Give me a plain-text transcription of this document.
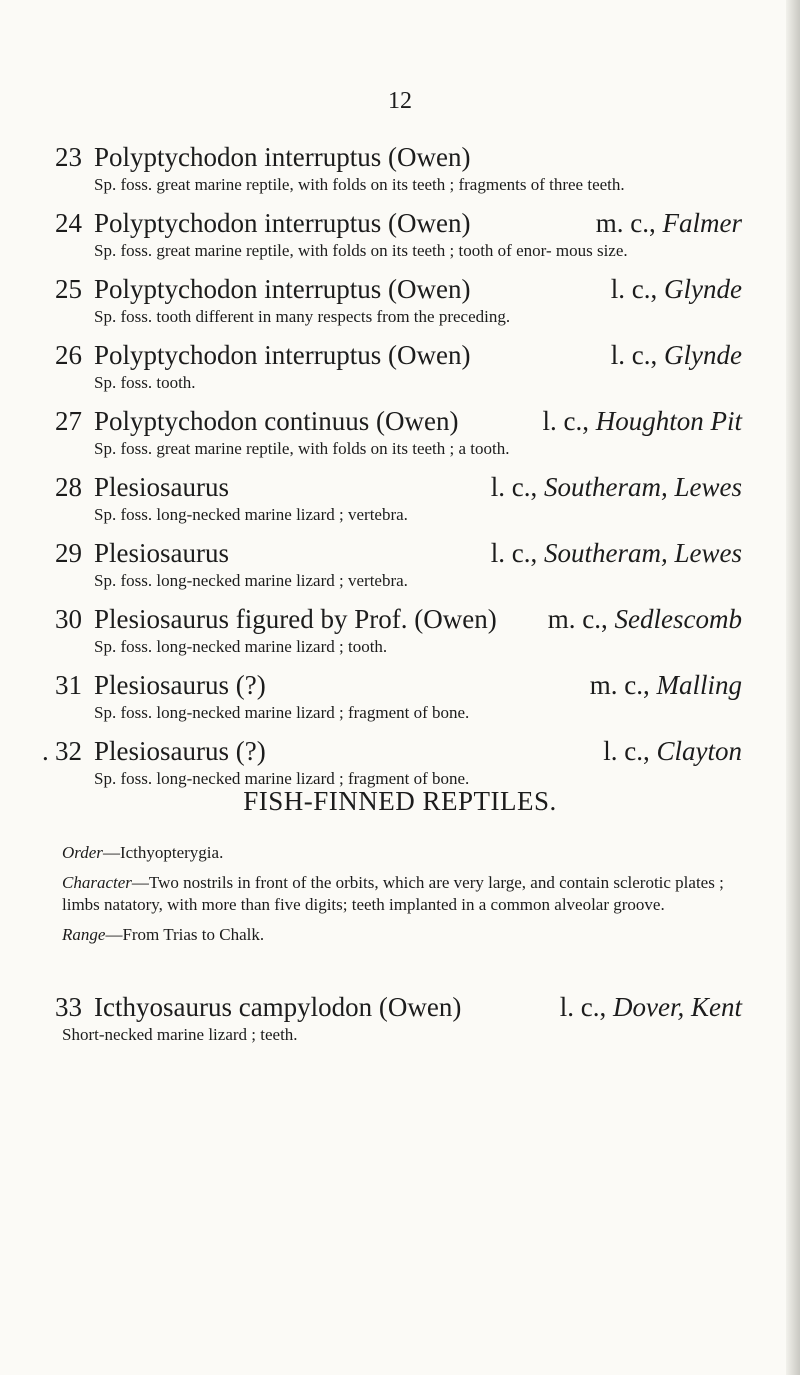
12
23 Polyptychodon interruptus (Owen)
Sp. foss. great marine reptile, with folds on its teeth ; fragments of three teeth.
24 Polyptychodon interruptus (Owen)	m. c., Falmer
Sp. foss. great marine reptile, with folds on its teeth ; tooth of enor- mous size.
25 Polyptychodon interruptus (Owen)	l. c., Glynde
Sp. foss. tooth different in many respects from the preceding.
26 Polyptychodon interruptus (Owen)	l. c., Glynde
Sp. foss. tooth.
27 Polyptychodon continuus (Owen)	l. c., Houghton Pit
Sp. foss. great marine reptile, with folds on its teeth ; a tooth.
28 Plesiosaurus	l. c., Southeram, Lewes
Sp. foss. long-necked marine lizard ; vertebra.
29 Plesiosaurus	l. c., Southeram, Lewes
Sp. foss. long-necked marine lizard ; vertebra.
30 Plesiosaurus figured by Prof. (Owen)	m. c., Sedlescomb
Sp. foss. long-necked marine lizard ; tooth.
31 Plesiosaurus (?)	m. c., Malling
Sp. foss. long-necked marine lizard ; fragment of bone.
. 32 Plesiosaurus (?)	l. c., Clayton
Sp. foss. long-necked marine lizard ; fragment of bone.
FISH-FINNED REPTILES.

Order—Icthyopterygia.

Character—Two nostrils in front of the orbits, which are very large, and contain sclerotic plates ; limbs natatory, with more than five digits; teeth implanted in a common alveolar groove.

Range—From Trias to Chalk.

33 Icthyosaurus campylodon (Owen)	l. c., Dover, Kent
Short-necked marine lizard ; teeth.
